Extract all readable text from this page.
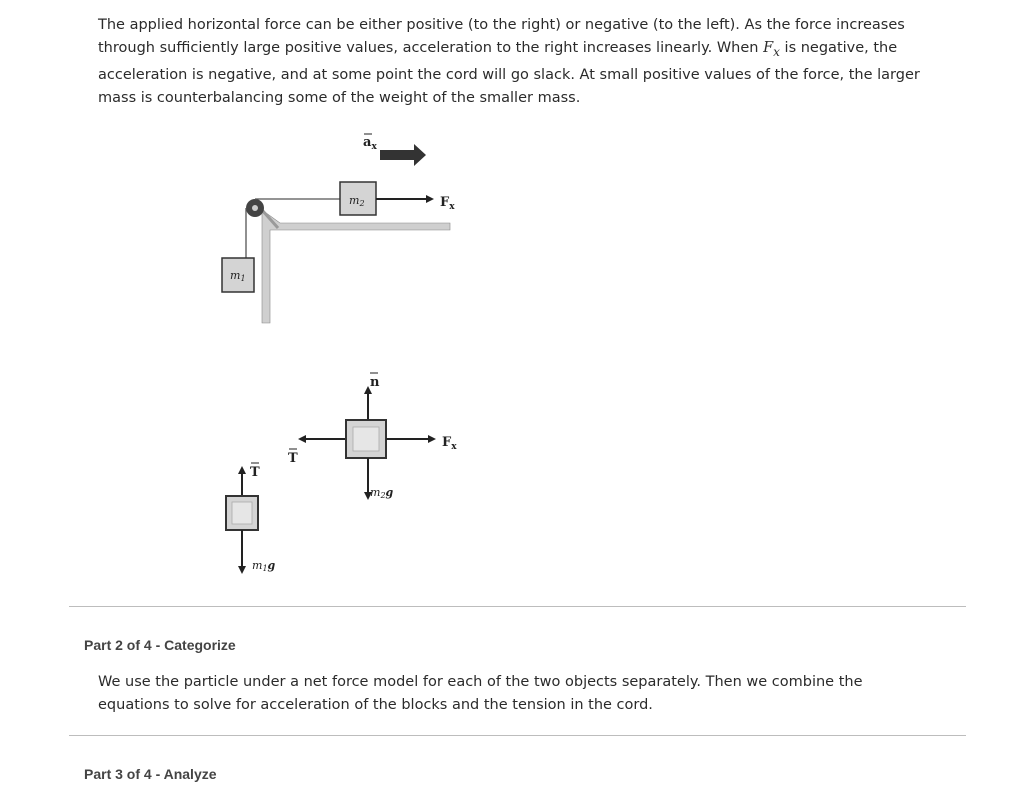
The applied horizontal force can be either positive (to the right) or negative (to the left). As the force increases through sufficiently large positive values, acceleration to the right increases linearly. When $F_x$ is negative, the acceleration is negative, and at some point the cord will go slack. At small positive values of the force, the larger mass is counterbalancing some of the weight of the smaller mass.
m2
m1
$F_x$
$a_x$
n
T
$F_x$
m2g
T
m1g
Part 2 of 4 - Categorize
We use the particle under a net force model for each of the two objects separately. Then we combine the equations to solve for acceleration of the blocks and the tension in the cord.
Part 3 of 4 - Analyze
